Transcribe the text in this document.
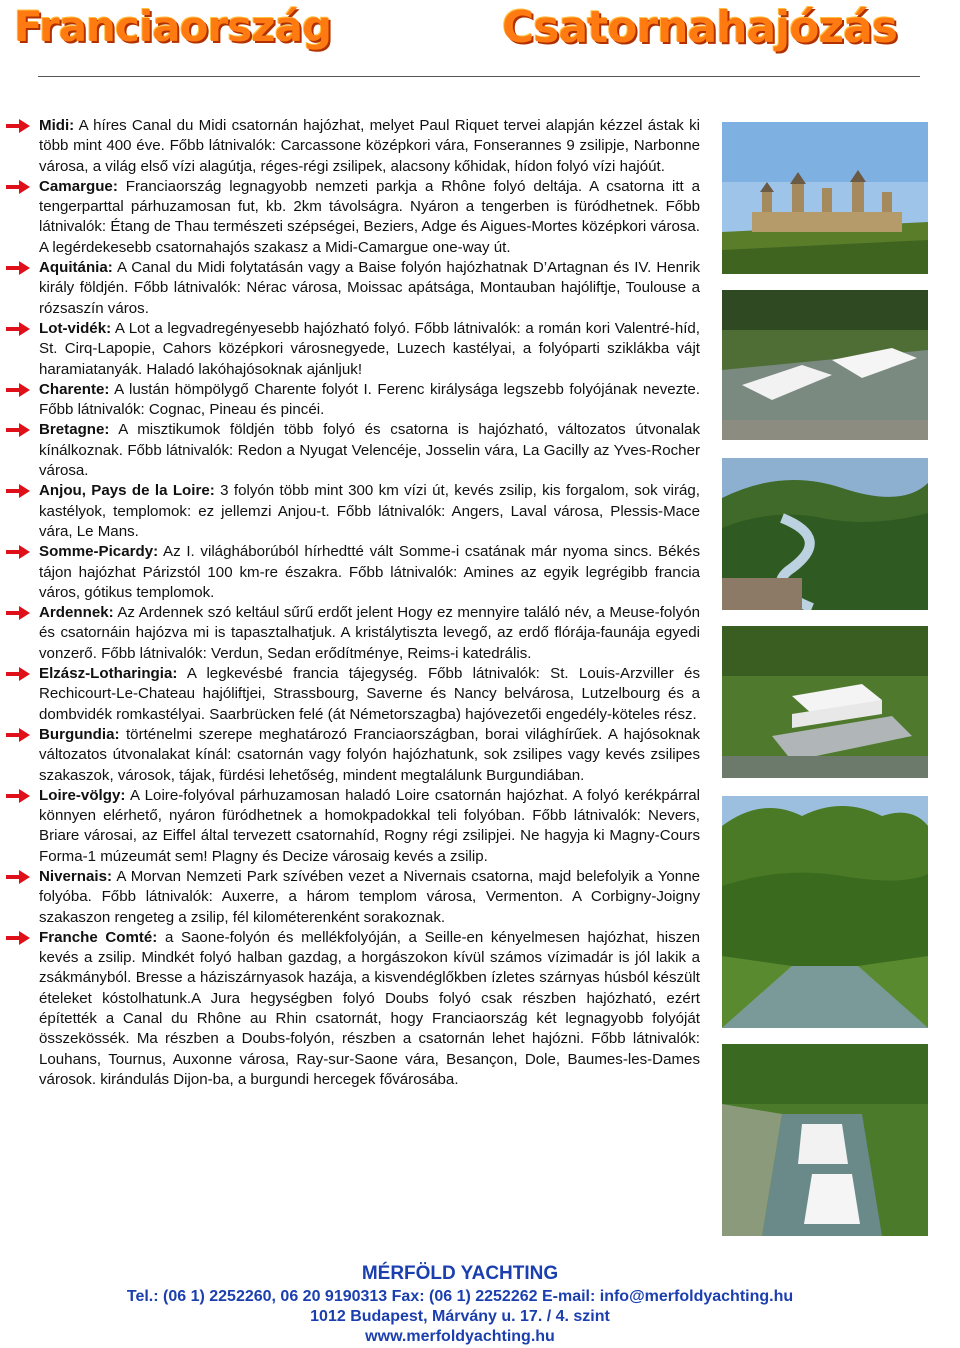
Franciaország	Csatornahajózás
Midi: A híres Canal du Midi csatornán hajózhat, melyet Paul Riquet tervei alapján kézzel ástak ki több mint 400 éve. Főbb látnivalók: Carcassone középkori vára, Fonserannes 9 zsilipje, Narbonne városa, a világ első vízi alagútja, réges-régi zsilipek, alacsony kőhidak, hídon folyó vízi hajóút.
Camargue: Franciaország legnagyobb nemzeti parkja a Rhône folyó deltája. A csatorna itt a tengerparttal párhuzamosan fut, kb. 2km távolságra. Nyáron a tengerben is füródhetnek. Főbb látnivalók: Étang de Thau természeti szépségei, Beziers, Adge és Aigues-Mortes középkori városa. A legérdekesebb csatornahajós szakasz a Midi-Camargue one-way út.
Aquitánia: A Canal du Midi folytatásán vagy a Baise folyón hajózhatnak D’Artagnan és IV. Henrik király földjén. Főbb látnivalók: Nérac városa, Moissac apátsága, Montauban hajóliftje, Toulouse a rózsaszín város.
Lot-vidék: A Lot a legvadregényesebb hajózható folyó. Főbb látnivalók: a román kori Valentré-híd, St. Cirq-Lapopie, Cahors középkori városnegyede, Luzech kastélyai, a folyóparti sziklákba vájt haramiatanyák. Haladó lakóhajósoknak ajánljuk!
Charente: A lustán hömpölygő Charente folyót I. Ferenc királysága legszebb folyójának nevezte. Főbb látnivalók: Cognac, Pineau és pincéi.
Bretagne: A misztikumok földjén több folyó és csatorna is hajózható, változatos útvonalak kínálkoznak. Főbb látnivalók: Redon a Nyugat Velencéje, Josselin vára, La Gacilly az Yves-Rocher városa.
Anjou, Pays de la Loire: 3 folyón több mint 300 km vízi út, kevés zsilip, kis forgalom, sok virág, kastélyok, templomok: ez jellemzi Anjou-t. Főbb látnivalók: Angers, Laval városa, Plessis-Mace vára, Le Mans.
Somme-Picardy: Az I. világháborúból hírhedtté vált Somme-i csatának már nyoma sincs. Békés tájon hajózhat Párizstól 100 km-re északra. Főbb látnivalók: Amines az egyik legrégibb francia város, gótikus templomok.
Ardennek: Az Ardennek szó keltául sűrű erdőt jelent Hogy ez mennyire találó név, a Meuse-folyón és csatornáin hajózva mi is tapasztalhatjuk. A kristálytiszta levegő, az erdő flórája-faunája egyedi vonzerő. Főbb látnivalók: Verdun, Sedan erődítménye, Reims-i katedrális.
Elzász-Lotharingia: A legkevésbé francia tájegység. Főbb látnivalók: St. Louis-Arzviller és Rechicourt-Le-Chateau hajóliftjei, Strassbourg, Saverne és Nancy belvárosa, Lutzelbourg és a dombvidék romkastélyai. Saarbrücken felé (át Németorszagba) hajóvezetői engedély-köteles rész.
Burgundia: történelmi szerepe meghatározó Franciaországban, borai világhírűek. A hajósoknak változatos útvonalakat kínál: csatornán vagy folyón hajózhatunk, sok zsilipes vagy kevés zsilipes szakaszok, városok, tájak, fürdési lehetőség, mindent megtalálunk Burgundiában.
Loire-völgy: A Loire-folyóval párhuzamosan haladó Loire csatornán hajózhat. A folyó kerékpárral könnyen elérhető, nyáron füródhetnek a homokpadokkal teli folyóban. Főbb látnivalók: Nevers, Briare városai, az Eiffel által tervezett csatornahíd, Rogny régi zsilipjei. Ne hagyja ki Magny-Cours Forma-1 múzeumát sem! Plagny és Decize városaig kevés a zsilip.
Nivernais: A Morvan Nemzeti Park szívében vezet a Nivernais csatorna, majd belefolyik a Yonne folyóba. Főbb látnivalók: Auxerre, a három templom városa, Vermenton. A Corbigny-Joigny szakaszon rengeteg a zsilip, fél kilométerenként sorakoznak.
Franche Comté: a Saone-folyón és mellékfolyóján, a Seille-en kényelmesen hajózhat, hiszen kevés a zsilip. Mindkét folyó halban gazdag, a horgászokon kívül számos vízimadár is jól lakik a zsákmányból. Bresse a háziszárnyasok hazája, a kisvendéglőkben ízletes szárnyas húsból készült ételeket kóstolhatunk.A Jura hegységben folyó Doubs folyó csak részben hajózható, ezért építették a Canal du Rhône au Rhin csatornát, hogy Franciaország két legnagyobb folyóját összekössék. Ma részben a Doubs-folyón, részben a csatornán lehet hajózni. Főbb látnivalók: Louhans, Tournus, Auxonne városa, Ray-sur-Saone vára, Besançon, Dole, Baumes-les-Dames városok. kirándulás Dijon-ba, a burgundi hercegek fővárosába.
MÉRFÖLD YACHTING
Tel.: (06 1) 2252260, 06 20 9190313 Fax: (06 1) 2252262 E-mail: info@merfoldyachting.hu
1012 Budapest, Márvány u. 17. / 4. szint
www.merfoldyachting.hu
